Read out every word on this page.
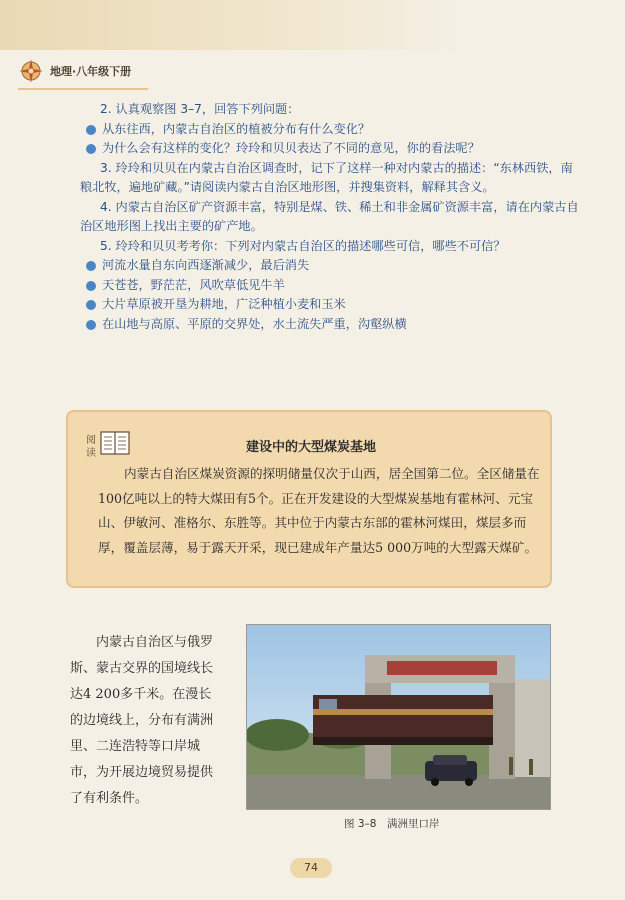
地理·八年级下册

2. 认真观察图 3–7，回答下列问题：

从东往西，内蒙古自治区的植被分布有什么变化？

为什么会有这样的变化？玲玲和贝贝表达了不同的意见，你的看法呢？

3. 玲玲和贝贝在内蒙古自治区调查时，记下了这样一种对内蒙古的描述：“东林西铁，南粮北牧，遍地矿藏。”请阅读内蒙古自治区地形图，并搜集资料，解释其含义。

4. 内蒙古自治区矿产资源丰富，特别是煤、铁、稀土和非金属矿资源丰富，请在内蒙古自治区地形图上找出主要的矿产地。

5. 玲玲和贝贝考考你：下列对内蒙古自治区的描述哪些可信，哪些不可信？

河流水量自东向西逐渐减少，最后消失

天苍苍，野茫茫，风吹草低见牛羊

大片草原被开垦为耕地，广泛种植小麦和玉米

在山地与高原、平原的交界处，水土流失严重，沟壑纵横

阅读	建设中的大型煤炭基地

内蒙古自治区煤炭资源的探明储量仅次于山西，居全国第二位。全区储量在100亿吨以上的特大煤田有5个。正在开发建设的大型煤炭基地有霍林河、元宝山、伊敏河、准格尔、东胜等。其中位于内蒙古东部的霍林河煤田，煤层多而厚，覆盖层薄，易于露天开采，现已建成年产量达5 000万吨的大型露天煤矿。

内蒙古自治区与俄罗斯、蒙古交界的国境线长达4 200多千米。在漫长的边境线上，分布有满洲里、二连浩特等口岸城市，为开展边境贸易提供了有利条件。

图 3–8　满洲里口岸
74
